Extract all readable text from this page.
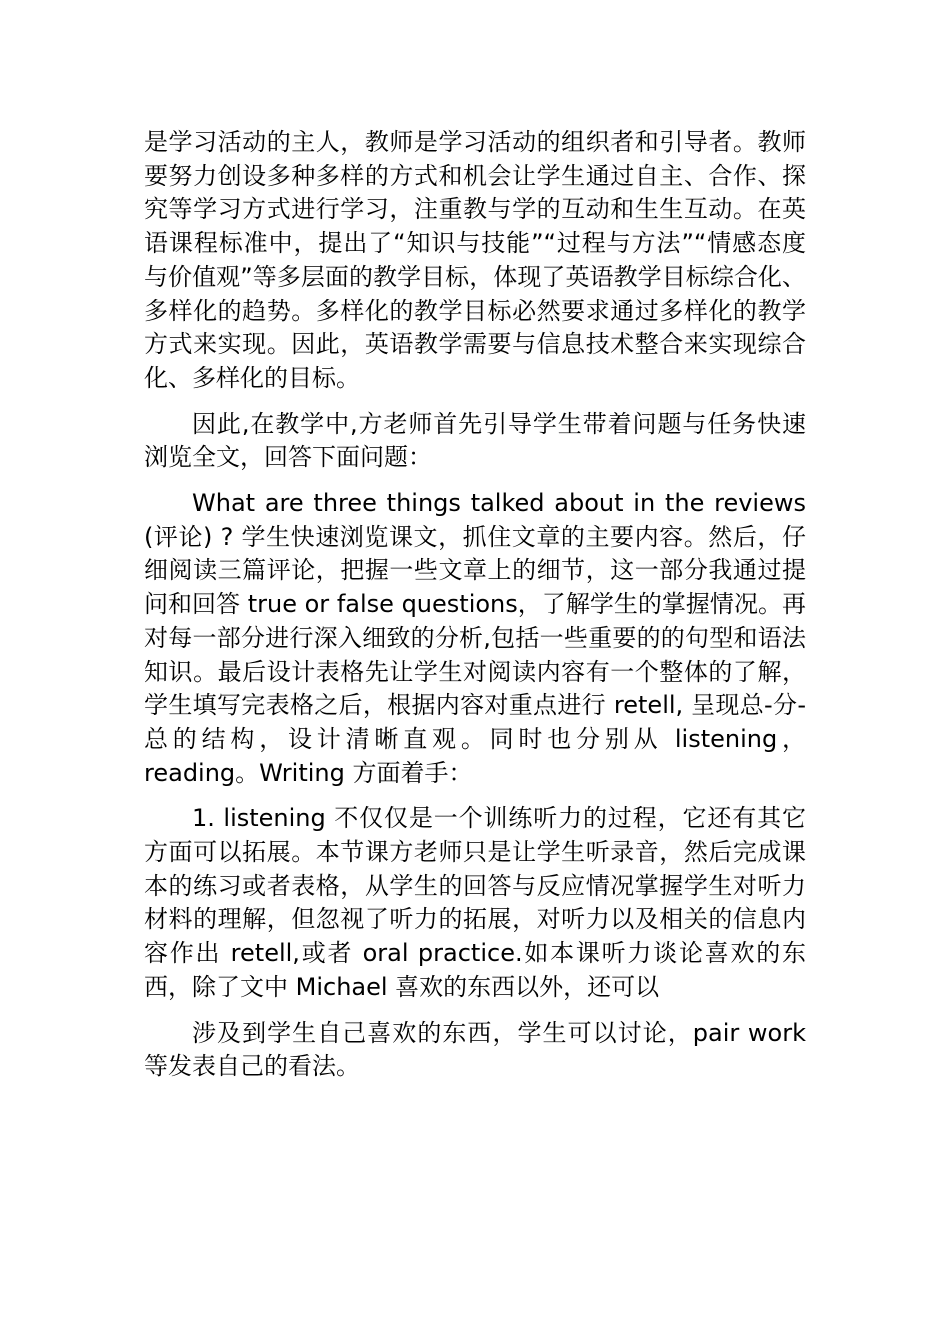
是学习活动的主人，教师是学习活动的组织者和引导者。教师要努力创设多种多样的方式和机会让学生通过自主、合作、探究等学习方式进行学习，注重教与学的互动和生生互动。在英语课程标准中，提出了“知识与技能”“过程与方法”“情感态度与价值观”等多层面的教学目标，体现了英语教学目标综合化、多样化的趋势。多样化的教学目标必然要求通过多样化的教学方式来实现。因此，英语教学需要与信息技术整合来实现综合化、多样化的目标。

因此,在教学中,方老师首先引导学生带着问题与任务快速浏览全文，回答下面问题：

What are three things talked about in the reviews (评论) ? 学生快速浏览课文，抓住文章的主要内容。然后，仔细阅读三篇评论，把握一些文章上的细节，这一部分我通过提问和回答 true or false questions，了解学生的掌握情况。再对每一部分进行深入细致的分析,包括一些重要的的句型和语法知识。最后设计表格先让学生对阅读内容有一个整体的了解，学生填写完表格之后，根据内容对重点进行 retell, 呈现总-分-总的结构，设计清晰直观。同时也分别从 listening，reading。Writing 方面着手：

1. listening 不仅仅是一个训练听力的过程，它还有其它方面可以拓展。本节课方老师只是让学生听录音，然后完成课本的练习或者表格，从学生的回答与反应情况掌握学生对听力材料的理解，但忽视了听力的拓展，对听力以及相关的信息内容作出 retell,或者 oral practice.如本课听力谈论喜欢的东西，除了文中 Michael 喜欢的东西以外，还可以

涉及到学生自己喜欢的东西，学生可以讨论，pair work 等发表自己的看法。
